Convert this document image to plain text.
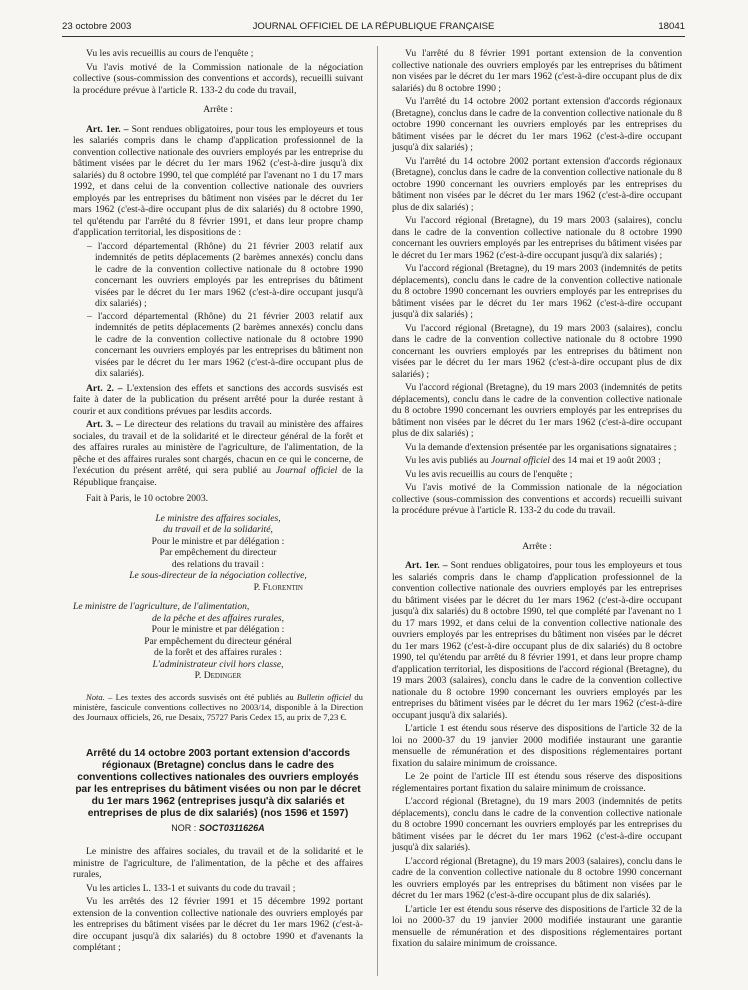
23 octobre 2003	JOURNAL OFFICIEL DE LA RÉPUBLIQUE FRANÇAISE	18041

Vu les avis recueillis au cours de l'enquête ;

Vu l'avis motivé de la Commission nationale de la négociation collective (sous-commission des conventions et accords), recueilli suivant la procédure prévue à l'article R. 133-2 du code du travail,

Arrête :

Art. 1er. – Sont rendues obligatoires, pour tous les employeurs et tous les salariés compris dans le champ d'application professionnel de la convention collective nationale des ouvriers employés par les entreprise du bâtiment visées par le décret du 1er mars 1962 (c'est-à-dire jusqu'à dix salariés) du 8 octobre 1990, tel que complété par l'avenant no 1 du 17 mars 1992, et dans celui de la convention collective nationale des ouvriers employés par les entreprises du bâtiment non visées par le décret du 1er mars 1962 (c'est-à-dire occupant plus de dix salariés) du 8 octobre 1990, tel qu'étendu par l'arrêté du 8 février 1991, et dans leur propre champ d'application territorial, les dispositions de :

– l'accord départemental (Rhône) du 21 février 2003 relatif aux indemnités de petits déplacements (2 barèmes annexés) conclu dans le cadre de la convention collective nationale du 8 octobre 1990 concernant les ouvriers employés par les entreprises du bâtiment visées par le décret du 1er mars 1962 (c'est-à-dire occupant jusqu'à dix salariés) ;
– l'accord départemental (Rhône) du 21 février 2003 relatif aux indemnités de petits déplacements (2 barèmes annexés) conclu dans le cadre de la convention collective nationale du 8 octobre 1990 concernant les ouvriers employés par les entreprises du bâtiment non visées par le décret du 1er mars 1962 (c'est-à-dire occupant plus de dix salariés).

Art. 2. – L'extension des effets et sanctions des accords susvisés est faite à dater de la publication du présent arrêté pour la durée restant à courir et aux conditions prévues par lesdits accords.

Art. 3. – Le directeur des relations du travail au ministère des affaires sociales, du travail et de la solidarité et le directeur général de la forêt et des affaires rurales au ministère de l'agriculture, de l'alimentation, de la pêche et des affaires rurales sont chargés, chacun en ce qui le concerne, de l'exécution du présent arrêté, qui sera publié au Journal officiel de la République française.

Fait à Paris, le 10 octobre 2003.

Le ministre des affaires sociales,

du travail et de la solidarité,

Pour le ministre et par délégation :

Par empêchement du directeur

des relations du travail :

Le sous-directeur de la négociation collective,

P. Florentin

Le ministre de l'agriculture, de l'alimentation,

de la pêche et des affaires rurales,

Pour le ministre et par délégation :

Par empêchement du directeur général

de la forêt et des affaires rurales :

L'administrateur civil hors classe,

P. Dedinger

Nota. – Les textes des accords susvisés ont été publiés au Bulletin officiel du ministère, fascicule conventions collectives no 2003/14, disponible à la Direction des Journaux officiels, 26, rue Desaix, 75727 Paris Cedex 15, au prix de 7,23 €.

Arrêté du 14 octobre 2003 portant extension d'accords régionaux (Bretagne) conclus dans le cadre des conventions collectives nationales des ouvriers employés par les entreprises du bâtiment visées ou non par le décret du 1er mars 1962 (entreprises jusqu'à dix salariés et entreprises de plus de dix salariés) (nos 1596 et 1597)

NOR : SOCT0311626A

Le ministre des affaires sociales, du travail et de la solidarité et le ministre de l'agriculture, de l'alimentation, de la pêche et des affaires rurales,

Vu les articles L. 133-1 et suivants du code du travail ;

Vu les arrêtés des 12 février 1991 et 15 décembre 1992 portant extension de la convention collective nationale des ouvriers employés par les entreprises du bâtiment visées par le décret du 1er mars 1962 (c'est-à-dire occupant jusqu'à dix salariés) du 8 octobre 1990 et d'avenants la complétant ;

Vu l'arrêté du 8 février 1991 portant extension de la convention collective nationale des ouvriers employés par les entreprises du bâtiment non visées par le décret du 1er mars 1962 (c'est-à-dire occupant plus de dix salariés) du 8 octobre 1990 ;

Vu l'arrêté du 14 octobre 2002 portant extension d'accords régionaux (Bretagne), conclus dans le cadre de la convention collective nationale du 8 octobre 1990 concernant les ouvriers employés par les entreprises du bâtiment visées par le décret du 1er mars 1962 (c'est-à-dire occupant jusqu'à dix salariés) ;

Vu l'arrêté du 14 octobre 2002 portant extension d'accords régionaux (Bretagne), conclus dans le cadre de la convention collective nationale du 8 octobre 1990 concernant les ouvriers employés par les entreprises du bâtiment non visées par le décret du 1er mars 1962 (c'est-à-dire occupant plus de dix salariés) ;

Vu l'accord régional (Bretagne), du 19 mars 2003 (salaires), conclu dans le cadre de la convention collective nationale du 8 octobre 1990 concernant les ouvriers employés par les entreprises du bâtiment visées par le décret du 1er mars 1962 (c'est-à-dire occupant jusqu'à dix salariés) ;

Vu l'accord régional (Bretagne), du 19 mars 2003 (indemnités de petits déplacements), conclu dans le cadre de la convention collective nationale du 8 octobre 1990 concernant les ouvriers employés par les entreprises du bâtiment visées par le décret du 1er mars 1962 (c'est-à-dire occupant jusqu'à dix salariés) ;

Vu l'accord régional (Bretagne), du 19 mars 2003 (salaires), conclu dans le cadre de la convention collective nationale du 8 octobre 1990 concernant les ouvriers employés par les entreprises du bâtiment non visées par le décret du 1er mars 1962 (c'est-à-dire occupant plus de dix salariés) ;

Vu l'accord régional (Bretagne), du 19 mars 2003 (indemnités de petits déplacements), conclu dans le cadre de la convention collective nationale du 8 octobre 1990 concernant les ouvriers employés par les entreprises du bâtiment non visées par le décret du 1er mars 1962 (c'est-à-dire occupant plus de dix salariés) ;

Vu la demande d'extension présentée par les organisations signataires ;

Vu les avis publiés au Journal officiel des 14 mai et 19 août 2003 ;

Vu les avis recueillis au cours de l'enquête ;

Vu l'avis motivé de la Commission nationale de la négociation collective (sous-commission des conventions et accords) recueilli suivant la procédure prévue à l'article R. 133-2 du code du travail.

Arrête :

Art. 1er. – Sont rendues obligatoires, pour tous les employeurs et tous les salariés compris dans le champ d'application professionnel de la convention collective nationale des ouvriers employés par les entreprises du bâtiment visées par le décret du 1er mars 1962 (c'est-à-dire occupant jusqu'à dix salariés) du 8 octobre 1990, tel que complété par l'avenant no 1 du 17 mars 1992, et dans celui de la convention collective nationale des ouvriers employés par les entreprises du bâtiment non visées par le décret du 1er mars 1962 (c'est-à-dire occupant plus de dix salariés) du 8 octobre 1990, tel qu'étendu par arrêté du 8 février 1991, et dans leur propre champ d'application territorial, les dispositions de l'accord régional (Bretagne), du 19 mars 2003 (salaires), conclu dans le cadre de la convention collective nationale du 8 octobre 1990 concernant les ouvriers employés par les entreprises du bâtiment visées par le décret du 1er mars 1962 (c'est-à-dire occupant jusqu'à dix salariés).

L'article 1 est étendu sous réserve des dispositions de l'article 32 de la loi no 2000-37 du 19 janvier 2000 modifiée instaurant une garantie mensuelle de rémunération et des dispositions réglementaires portant fixation du salaire minimum de croissance.

Le 2e point de l'article III est étendu sous réserve des dispositions réglementaires portant fixation du salaire minimum de croissance.

L'accord régional (Bretagne), du 19 mars 2003 (indemnités de petits déplacements), conclu dans le cadre de la convention collective nationale du 8 octobre 1990 concernant les ouvriers employés par les entreprises du bâtiment visées par le décret du 1er mars 1962 (c'est-à-dire occupant jusqu'à dix salariés).

L'accord régional (Bretagne), du 19 mars 2003 (salaires), conclu dans le cadre de la convention collective nationale du 8 octobre 1990 concernant les ouvriers employés par les entreprises du bâtiment non visées par le décret du 1er mars 1962 (c'est-à-dire occupant plus de dix salariés).

L'article 1er est étendu sous réserve des dispositions de l'article 32 de la loi no 2000-37 du 19 janvier 2000 modifiée instaurant une garantie mensuelle de rémunération et des dispositions réglementaires portant fixation du salaire minimum de croissance.
